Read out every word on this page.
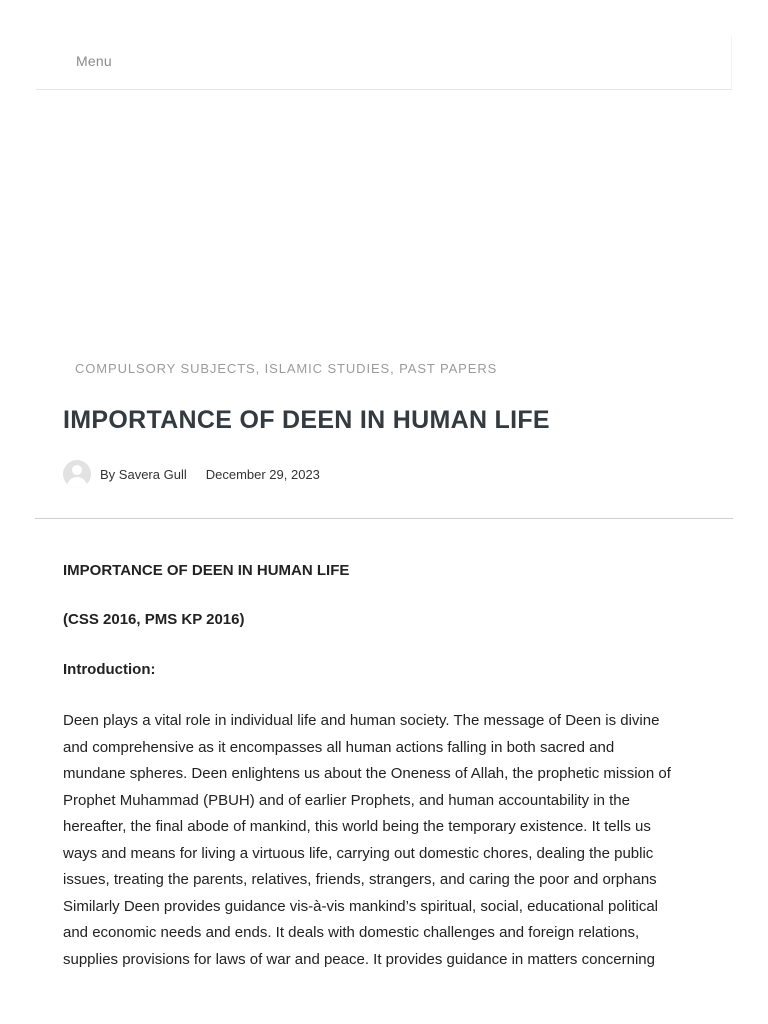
Menu
COMPULSORY SUBJECTS, ISLAMIC STUDIES, PAST PAPERS
IMPORTANCE OF DEEN IN HUMAN LIFE
By
Savera Gull December 29, 2023
IMPORTANCE OF DEEN IN HUMAN LIFE
(CSS 2016, PMS KP 2016)
Introduction:
Deen plays a vital role in individual life and human society. The message of Deen is divine
and comprehensive as it encompasses all human actions falling in both sacred and
mundane spheres. Deen enlightens us about the Oneness of Allah, the prophetic mission of
Prophet Muhammad (PBUH) and of earlier Prophets, and human accountability in the
hereafter, the final abode of mankind, this world being the temporary existence. It tells us
ways and means for living a virtuous life, carrying out domestic chores, dealing the public
issues, treating the parents, relatives, friends, strangers, and caring the poor and orphans
Similarly Deen provides guidance vis-à-vis mankind’s spiritual, social, educational political
and economic needs and ends. It deals with domestic challenges and foreign relations,
supplies provisions for laws of war and peace. It provides guidance in matters concerning
